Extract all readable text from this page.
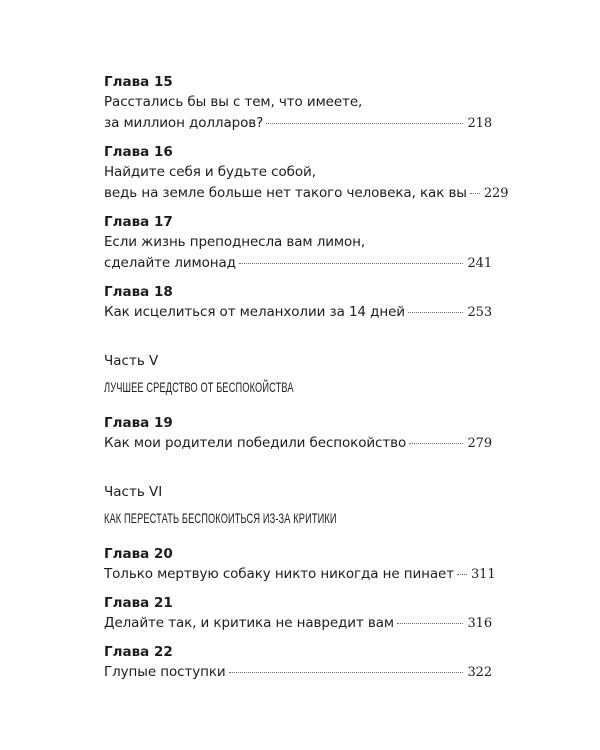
Глава 15
Расстались бы вы с тем, что имеете,
за миллион долларов?	218
Глава 16
Найдите себя и будьте собой,
ведь на земле больше нет такого человека, как вы 229
Глава 17
Если жизнь преподнесла вам лимон,
сделайте лимонад	241
Глава 18
Как исцелиться от меланхолии за 14 дней	253
Часть V
ЛУЧШЕЕ СРЕДСТВО ОТ БЕСПОКОЙСТВА
Глава 19
Как мои родители победили беспокойство	279
Часть VI
КАК ПЕРЕСТАТЬ БЕСПОКОИТЬСЯ ИЗ-ЗА КРИТИКИ
Глава 20
Только мертвую собаку никто никогда не пинает 311
Глава 21
Делайте так, и критика не навредит вам	316
Глава 22
Глупые поступки	322
